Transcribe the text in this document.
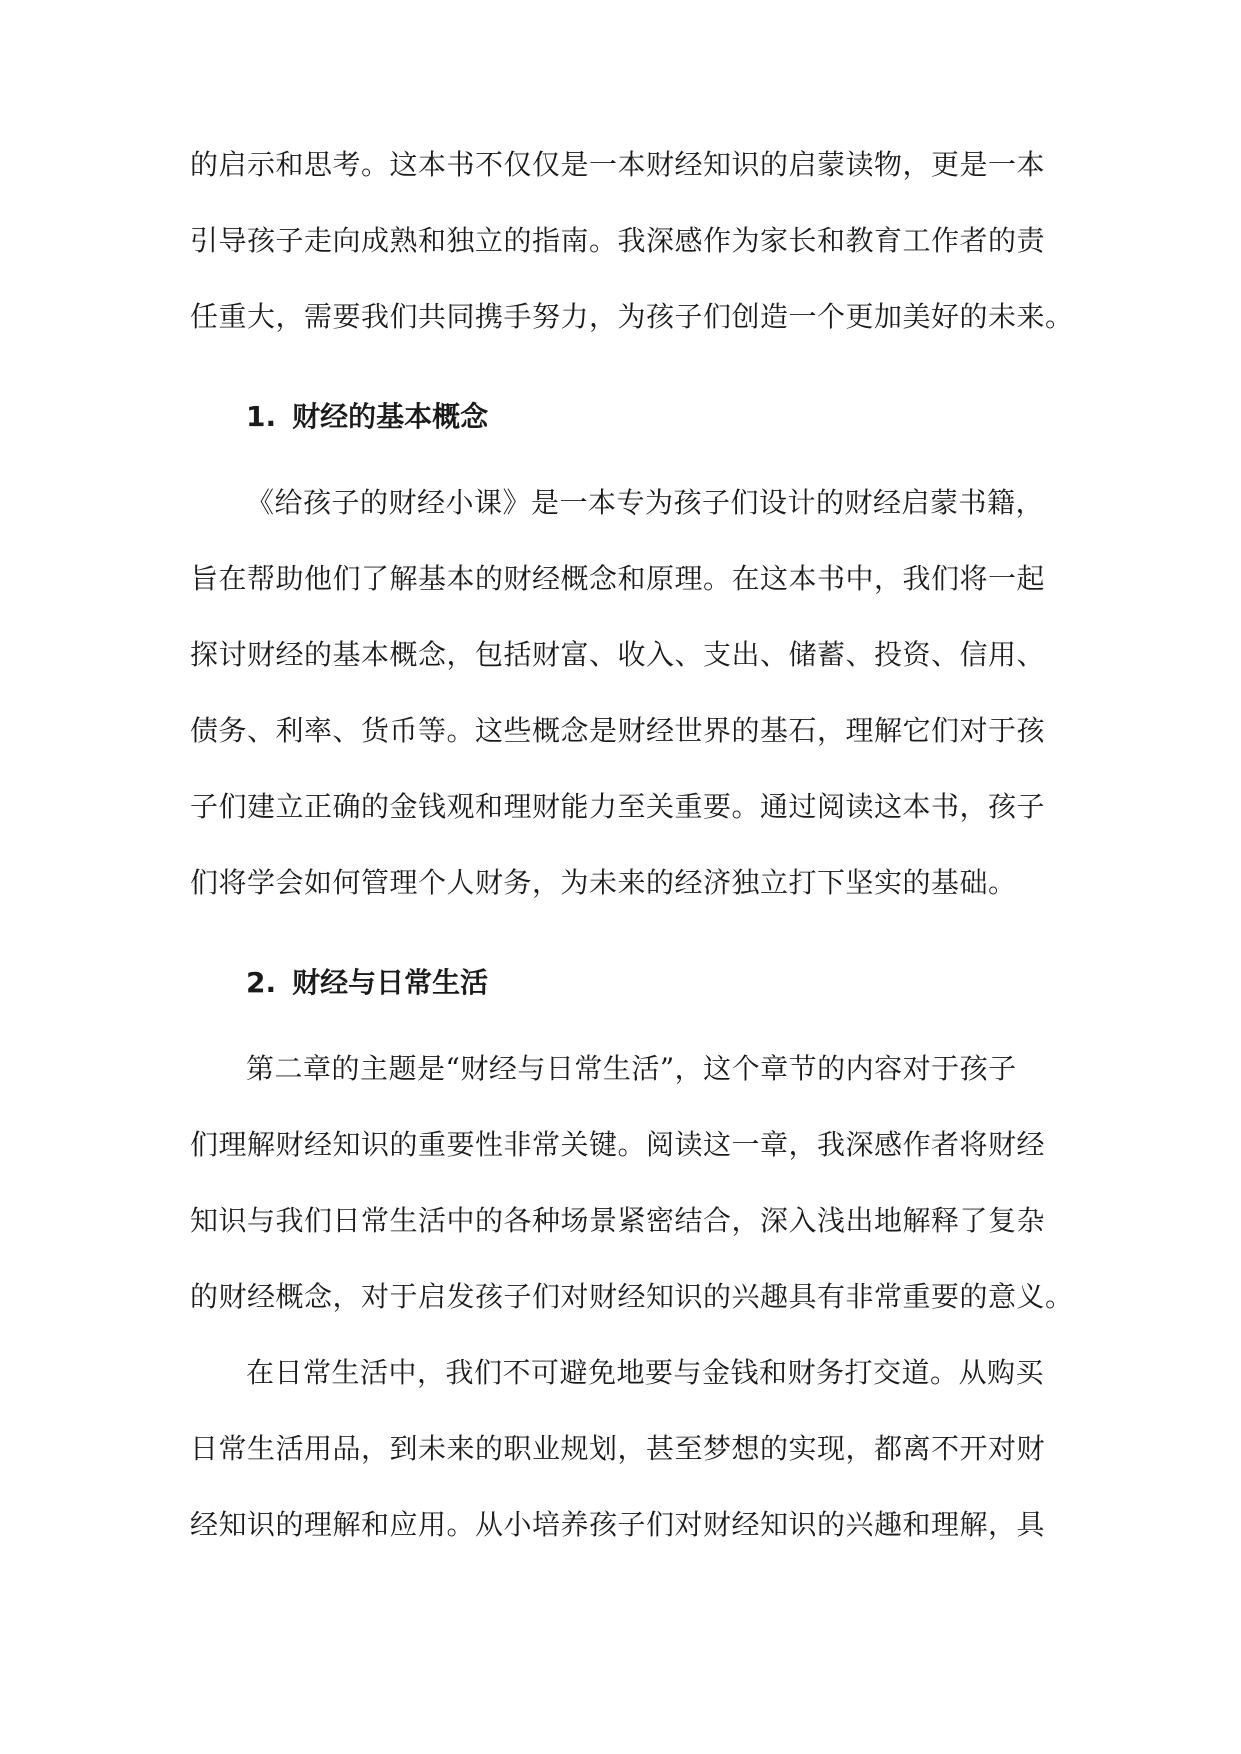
的启示和思考。这本书不仅仅是一本财经知识的启蒙读物，更是一本
引导孩子走向成熟和独立的指南。我深感作为家长和教育工作者的责
任重大，需要我们共同携手努力，为孩子们创造一个更加美好的未来。
1. 财经的基本概念
《给孩子的财经小课》是一本专为孩子们设计的财经启蒙书籍，
旨在帮助他们了解基本的财经概念和原理。在这本书中，我们将一起
探讨财经的基本概念，包括财富、收入、支出、储蓄、投资、信用、
债务、利率、货币等。这些概念是财经世界的基石，理解它们对于孩
子们建立正确的金钱观和理财能力至关重要。通过阅读这本书，孩子
们将学会如何管理个人财务，为未来的经济独立打下坚实的基础。
2. 财经与日常生活
第二章的主题是“财经与日常生活”，这个章节的内容对于孩子
们理解财经知识的重要性非常关键。阅读这一章，我深感作者将财经
知识与我们日常生活中的各种场景紧密结合，深入浅出地解释了复杂
的财经概念，对于启发孩子们对财经知识的兴趣具有非常重要的意义。
在日常生活中，我们不可避免地要与金钱和财务打交道。从购买
日常生活用品，到未来的职业规划，甚至梦想的实现，都离不开对财
经知识的理解和应用。从小培养孩子们对财经知识的兴趣和理解，具
